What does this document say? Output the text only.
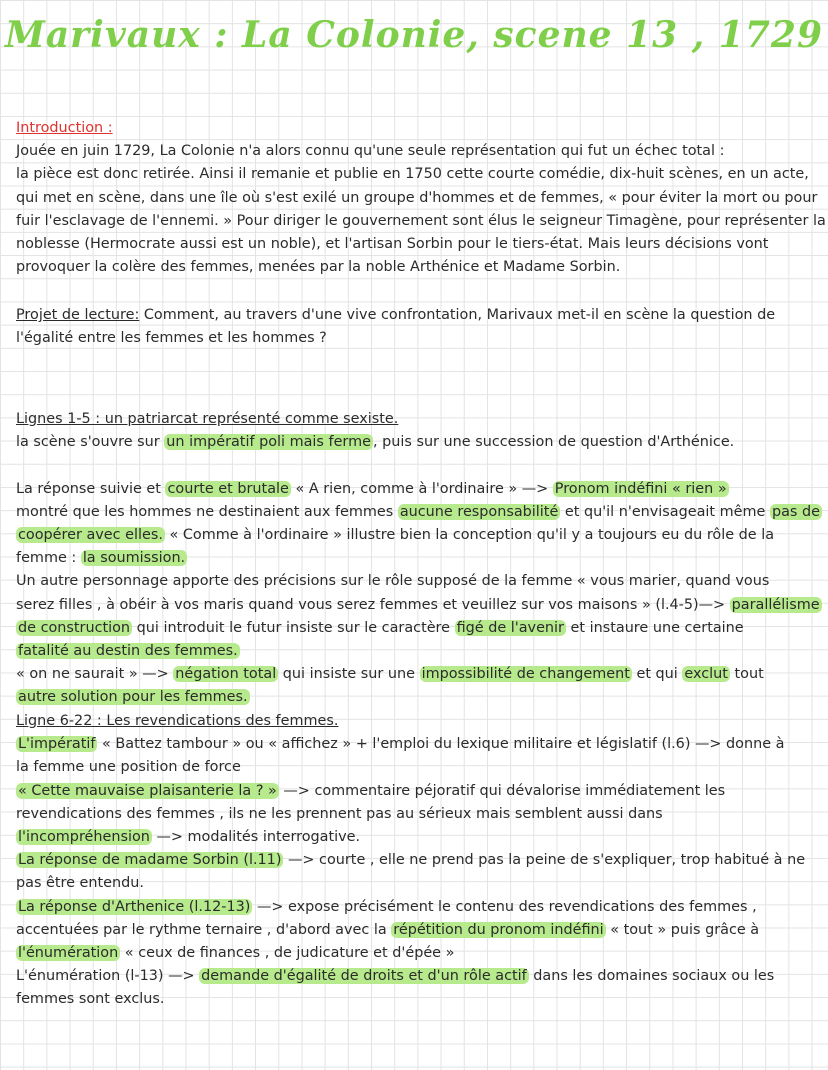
Marivaux : La Colonie, scene 13 , 1729
Introduction :
Jouée en juin 1729, La Colonie n'a alors connu qu'une seule représentation qui fut un échec total :
la pièce est donc retirée. Ainsi il remanie et publie en 1750 cette courte comédie, dix-huit scènes, en un acte,
qui met en scène, dans une île où s'est exilé un groupe d'hommes et de femmes, « pour éviter la mort ou pour
fuir l'esclavage de l'ennemi. » Pour diriger le gouvernement sont élus le seigneur Timagène, pour représenter la
noblesse (Hermocrate aussi est un noble), et l'artisan Sorbin pour le tiers-état. Mais leurs décisions vont
provoquer la colère des femmes, menées par la noble Arthénice et Madame Sorbin.
Projet de lecture: Comment, au travers d'une vive confrontation, Marivaux met-il en scène la question de
l'égalité entre les femmes et les hommes ?
Lignes 1-5 : un patriarcat représenté comme sexiste.
la scène s'ouvre sur un impératif poli mais ferme , puis sur une succession de question d'Arthénice.
La réponse suivie et courte et brutale « A rien, comme à l'ordinaire » —> Pronom indéfini « rien »
montré que les hommes ne destinaient aux femmes aucune responsabilité et qu'il n'envisageait même pas de
coopérer avec elles. « Comme à l'ordinaire » illustre bien la conception qu'il y a toujours eu du rôle de la
femme : la soumission.
Un autre personnage apporte des précisions sur le rôle supposé de la femme « vous marier, quand vous
serez filles , à obéir à vos maris quand vous serez femmes et veuillez sur vos maisons » (l.4-5)—> parallélisme
de construction qui introduit le futur insiste sur le caractère figé de l'avenir et instaure une certaine
fatalité au destin des femmes.
« on ne saurait » —> négation total qui insiste sur une impossibilité de changement et qui exclut tout
autre solution pour les femmes.
Ligne 6-22 : Les revendications des femmes.
L'impératif « Battez tambour » ou « affichez » + l'emploi du lexique militaire et législatif (l.6) —> donne à
la femme une position de force
« Cette mauvaise plaisanterie la ? » —> commentaire péjoratif qui dévalorise immédiatement les
revendications des femmes , ils ne les prennent pas au sérieux mais semblent aussi dans
l'incompréhension —> modalités interrogative.
La réponse de madame Sorbin (l.11) —> courte , elle ne prend pas la peine de s'expliquer, trop habitué à ne
pas être entendu.
La réponse d'Arthenice (l.12-13) —> expose précisément le contenu des revendications des femmes ,
accentuées par le rythme ternaire , d'abord avec la répétition du pronom indéfini « tout » puis grâce à
l'énumération « ceux de finances , de judicature et d'épée »
L'énumération (l-13) —> demande d'égalité de droits et d'un rôle actif dans les domaines sociaux ou les
femmes sont exclus.
